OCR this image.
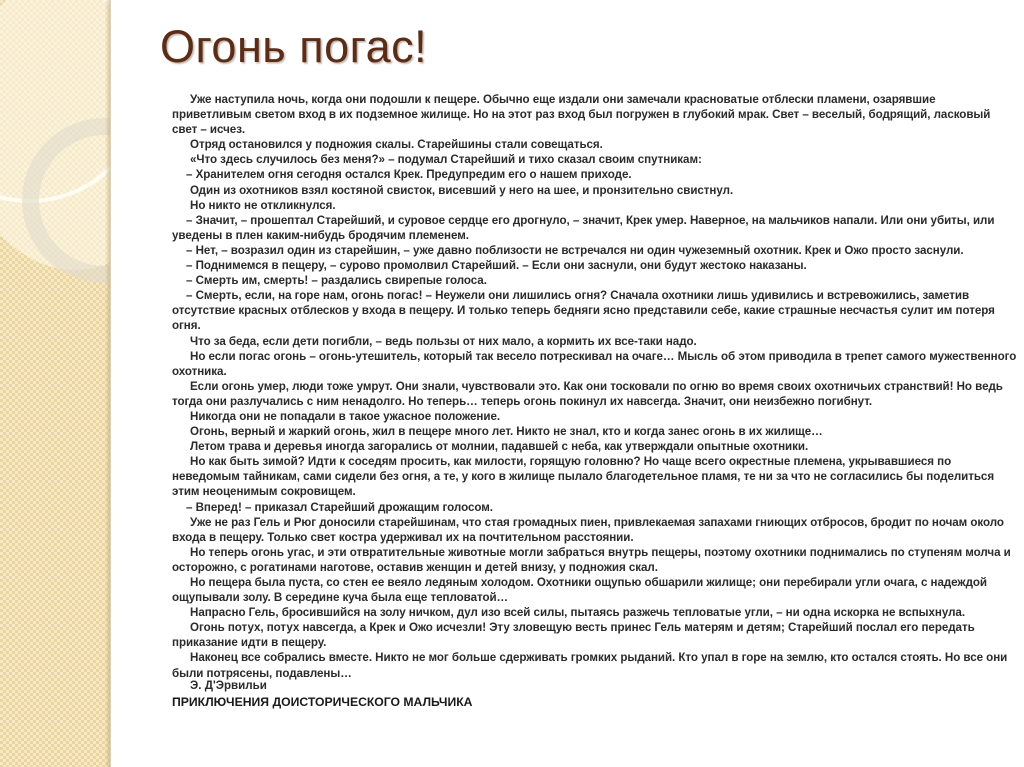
Огонь погас!

Уже наступила ночь, когда они подошли к пещере. Обычно еще издали они замечали красноватые отблески пламени, озарявшие приветливым светом вход в их подземное жилище. Но на этот раз вход был погружен в глубокий мрак. Свет – веселый, бодрящий, ласковый свет – исчез.

Отряд остановился у подножия скалы. Старейшины стали совещаться.

«Что здесь случилось без меня?» – подумал Старейший и тихо сказал своим спутникам:

– Хранителем огня сегодня остался Крек. Предупредим его о нашем приходе.

Один из охотников взял костяной свисток, висевший у него на шее, и пронзительно свистнул.

Но никто не откликнулся.

– Значит, – прошептал Старейший, и суровое сердце его дрогнуло, – значит, Крек умер. Наверное, на мальчиков напали. Или они убиты, или уведены в плен каким-нибудь бродячим племенем.

– Нет, – возразил один из старейшин, – уже давно поблизости не встречался ни один чужеземный охотник. Крек и Ожо просто заснули.

– Поднимемся в пещеру, – сурово промолвил Старейший. – Если они заснули, они будут жестоко наказаны.

– Смерть им, смерть! – раздались свирепые голоса.

– Смерть, если, на горе нам, огонь погас! – Неужели они лишились огня? Сначала охотники лишь удивились и встревожились, заметив отсутствие красных отблесков у входа в пещеру. И только теперь бедняги ясно представили себе, какие страшные несчастья сулит им потеря огня.

Что за беда, если дети погибли, – ведь пользы от них мало, а кормить их все-таки надо.

Но если погас огонь – огонь-утешитель, который так весело потрескивал на очаге… Мысль об этом приводила в трепет самого мужественного охотника.

Если огонь умер, люди тоже умрут. Они знали, чувствовали это. Как они тосковали по огню во время своих охотничьих странствий! Но ведь тогда они разлучались с ним ненадолго. Но теперь… теперь огонь покинул их навсегда. Значит, они неизбежно погибнут.

Никогда они не попадали в такое ужасное положение.

Огонь, верный и жаркий огонь, жил в пещере много лет. Никто не знал, кто и когда занес огонь в их жилище…

Летом трава и деревья иногда загорались от молнии, падавшей с неба, как утверждали опытные охотники.

Но как быть зимой? Идти к соседям просить, как милости, горящую головню? Но чаще всего окрестные племена, укрывавшиеся по неведомым тайникам, сами сидели без огня, а те, у кого в жилище пылало благодетельное пламя, те ни за что не согласились бы поделиться этим неоценимым сокровищем.

– Вперед! – приказал Старейший дрожащим голосом.

Уже не раз Гель и Рюг доносили старейшинам, что стая громадных пиен, привлекаемая запахами гниющих отбросов, бродит по ночам около входа в пещеру. Только свет костра удерживал их на почтительном расстоянии.

Но теперь огонь угас, и эти отвратительные животные могли забраться внутрь пещеры, поэтому охотники поднимались по ступеням молча и осторожно, с рогатинами наготове, оставив женщин и детей внизу, у подножия скал.

Но пещера была пуста, со стен ее веяло ледяным холодом. Охотники ощупью обшарили жилище; они перебирали угли очага, с надеждой ощупывали золу. В середине куча была еще тепловатой…

Напрасно Гель, бросившийся на золу ничком, дул изо всей силы, пытаясь разжечь тепловатые угли, – ни одна искорка не вспыхнула.

Огонь потух, потух навсегда, а Крек и Ожо исчезли! Эту зловещую весть принес Гель матерям и детям; Старейший послал его передать приказание идти в пещеру.

Наконец все собрались вместе. Никто не мог больше сдерживать громких рыданий. Кто упал в горе на землю, кто остался стоять. Но все они были потрясены, подавлены…

Э. Д'Эрвильи

ПРИКЛЮЧЕНИЯ ДОИСТОРИЧЕСКОГО МАЛЬЧИКА
